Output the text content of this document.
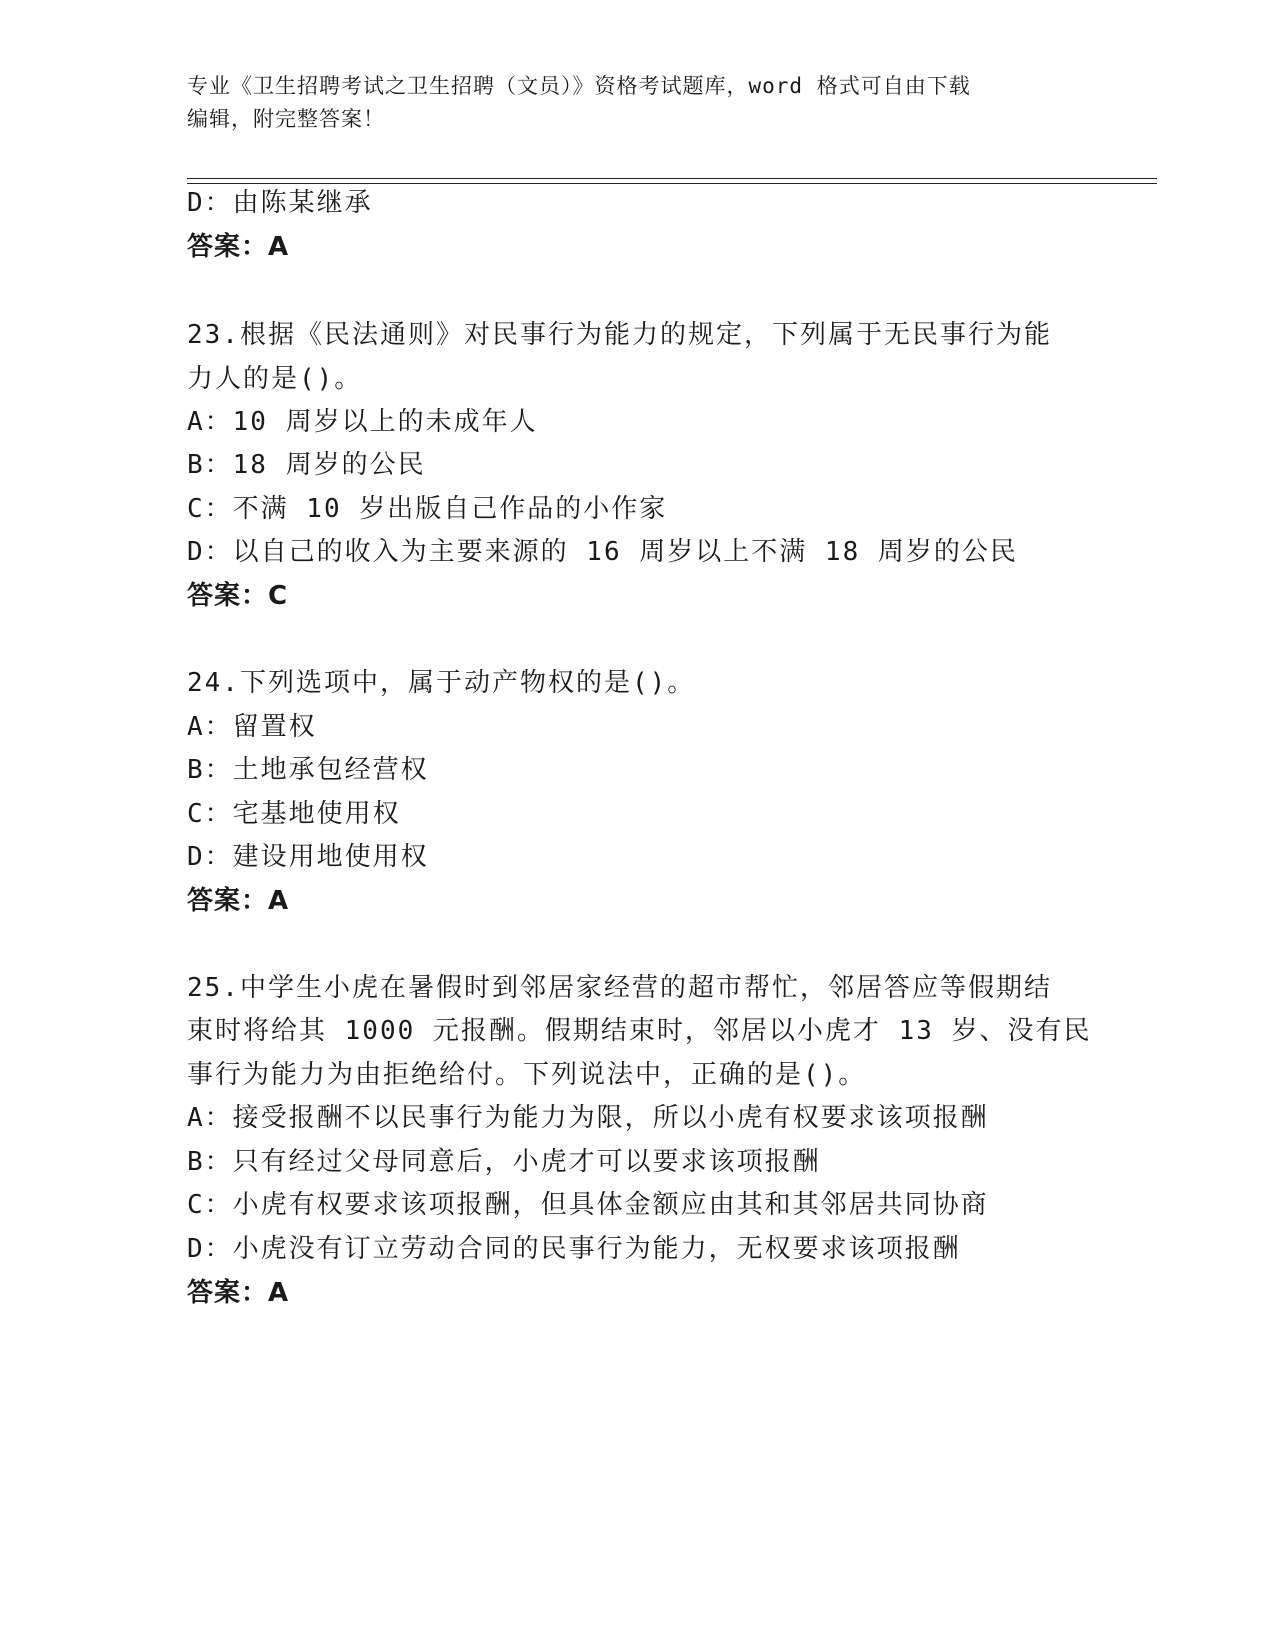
专业《卫生招聘考试之卫生招聘（文员）》资格考试题库，word 格式可自由下载
编辑，附完整答案！
D：由陈某继承
答案：A
23.根据《民法通则》对民事行为能力的规定，下列属于无民事行为能
力人的是()。
A：10 周岁以上的未成年人
B：18 周岁的公民
C：不满 10 岁出版自己作品的小作家
D：以自己的收入为主要来源的 16 周岁以上不满 18 周岁的公民
答案：C
24.下列选项中，属于动产物权的是()。
A：留置权
B：土地承包经营权
C：宅基地使用权
D：建设用地使用权
答案：A
25.中学生小虎在暑假时到邻居家经营的超市帮忙，邻居答应等假期结
束时将给其 1000 元报酬。假期结束时，邻居以小虎才 13 岁、没有民
事行为能力为由拒绝给付。下列说法中，正确的是()。
A：接受报酬不以民事行为能力为限，所以小虎有权要求该项报酬
B：只有经过父母同意后，小虎才可以要求该项报酬
C：小虎有权要求该项报酬，但具体金额应由其和其邻居共同协商
D：小虎没有订立劳动合同的民事行为能力，无权要求该项报酬
答案：A
